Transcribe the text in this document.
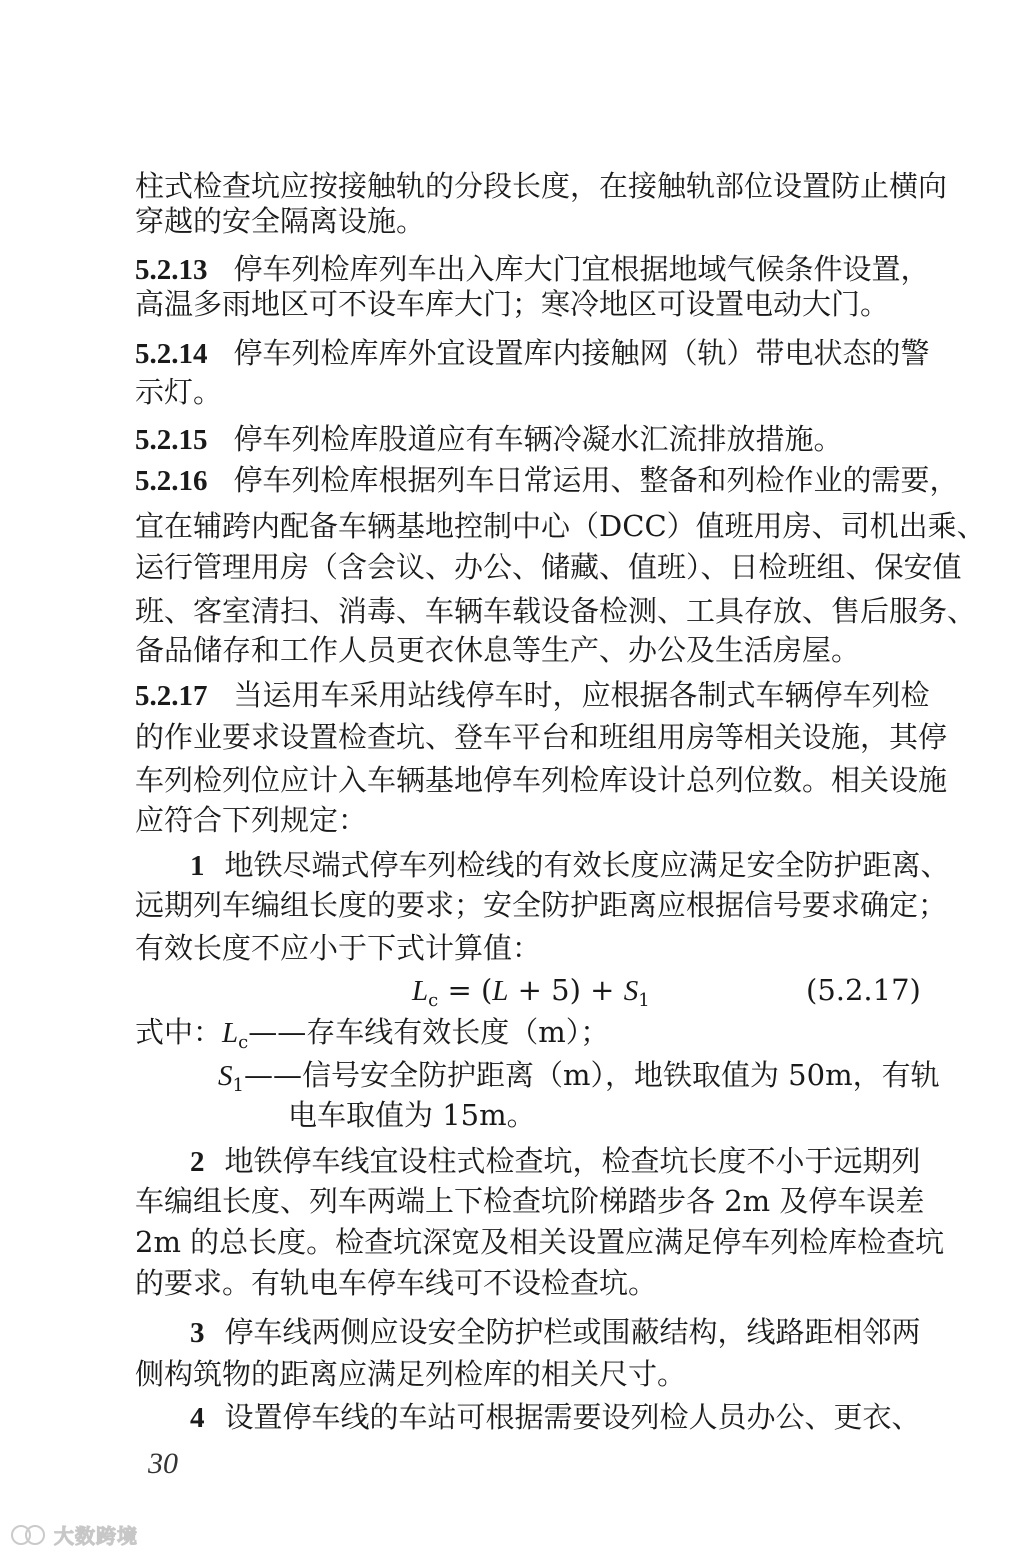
柱式检查坑应按接触轨的分段长度，在接触轨部位设置防止横向
穿越的安全隔离设施。
5.2.13 停车列检库列车出入库大门宜根据地域气候条件设置，
高温多雨地区可不设车库大门；寒冷地区可设置电动大门。
5.2.14 停车列检库库外宜设置库内接触网（轨）带电状态的警
示灯。
5.2.15 停车列检库股道应有车辆冷凝水汇流排放措施。
5.2.16 停车列检库根据列车日常运用、整备和列检作业的需要，
宜在辅跨内配备车辆基地控制中心（DCC）值班用房、司机出乘、
运行管理用房（含会议、办公、储藏、值班）、日检班组、保安值
班、客室清扫、消毒、车辆车载设备检测、工具存放、售后服务、
备品储存和工作人员更衣休息等生产、办公及生活房屋。
5.2.17 当运用车采用站线停车时，应根据各制式车辆停车列检
的作业要求设置检查坑、登车平台和班组用房等相关设施，其停
车列检列位应计入车辆基地停车列检库设计总列位数。相关设施
应符合下列规定：
1 地铁尽端式停车列检线的有效长度应满足安全防护距离、
远期列车编组长度的要求；安全防护距离应根据信号要求确定；
有效长度不应小于下式计算值：
$L_c = (L + 5) + S_1$	(5.2.17)
式中：$L_c——$存车线有效长度（m）；
$S_1——$信号安全防护距离（m），地铁取值为 50m，有轨
电车取值为 15m。
2 地铁停车线宜设柱式检查坑，检查坑长度不小于远期列
车编组长度、列车两端上下检查坑阶梯踏步各 2m 及停车误差
2m 的总长度。检查坑深宽及相关设置应满足停车列检库检查坑
的要求。有轨电车停车线可不设检查坑。
3 停车线两侧应设安全防护栏或围蔽结构，线路距相邻两
侧构筑物的距离应满足列检库的相关尺寸。
4 设置停车线的车站可根据需要设列检人员办公、更衣、
30
大数跨境
